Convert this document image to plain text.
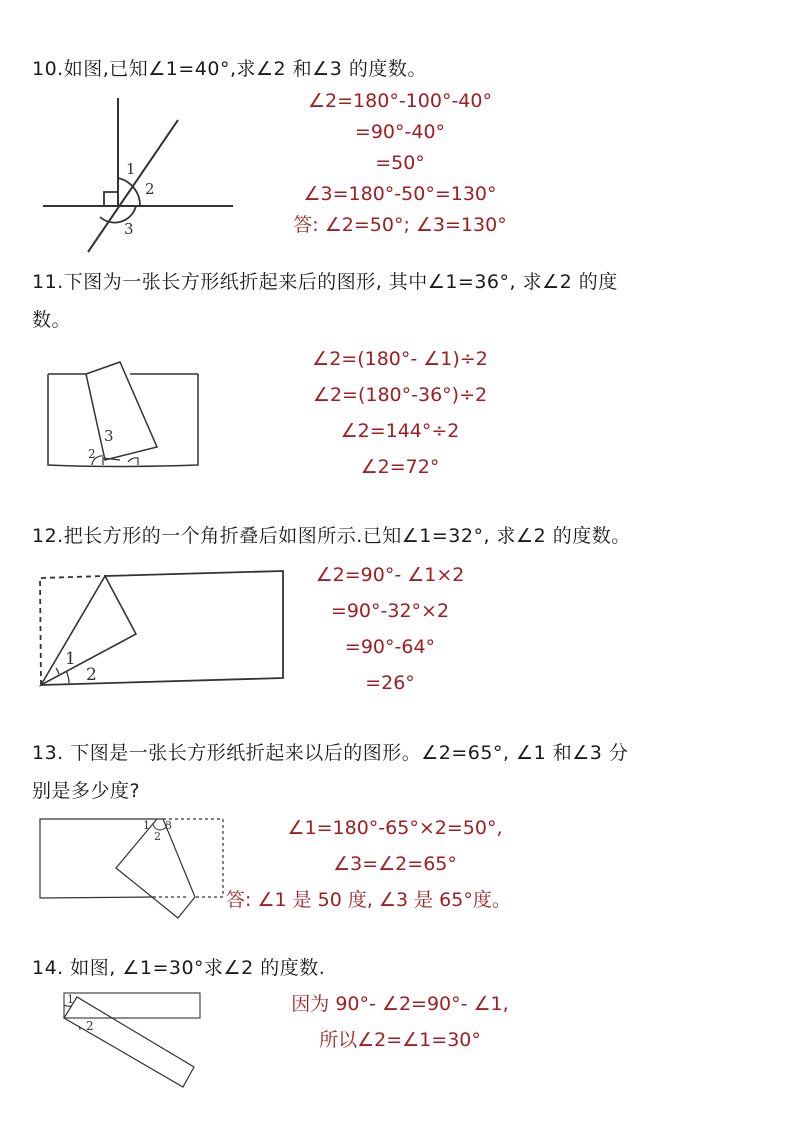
10.如图,已知∠1=40°,求∠2 和∠3 的度数。
1
2
3
∠2=180°-100°-40°
=90°-40°
=50°
∠3=180°-50°=130°
答: ∠2=50°; ∠3=130°
11.下图为一张长方形纸折起来后的图形, 其中∠1=36°, 求∠2 的度
数。
2
3
∠2=(180°- ∠1)÷2
∠2=(180°-36°)÷2
∠2=144°÷2
∠2=72°
12.把长方形的一个角折叠后如图所示.已知∠1=32°, 求∠2 的度数。
1
2
∠2=90°- ∠1×2
=90°-32°×2
=90°-64°
=26°
13. 下图是一张长方形纸折起来以后的图形。∠2=65°, ∠1 和∠3 分
别是多少度?
1
2
3	∠1=180°-65°×2=50°,
∠3=∠2=65°
答: ∠1 是 50 度, ∠3 是 65°度。
14. 如图, ∠1=30°求∠2 的度数.
1
2
因为 90°- ∠2=90°- ∠1,
所以∠2=∠1=30°
